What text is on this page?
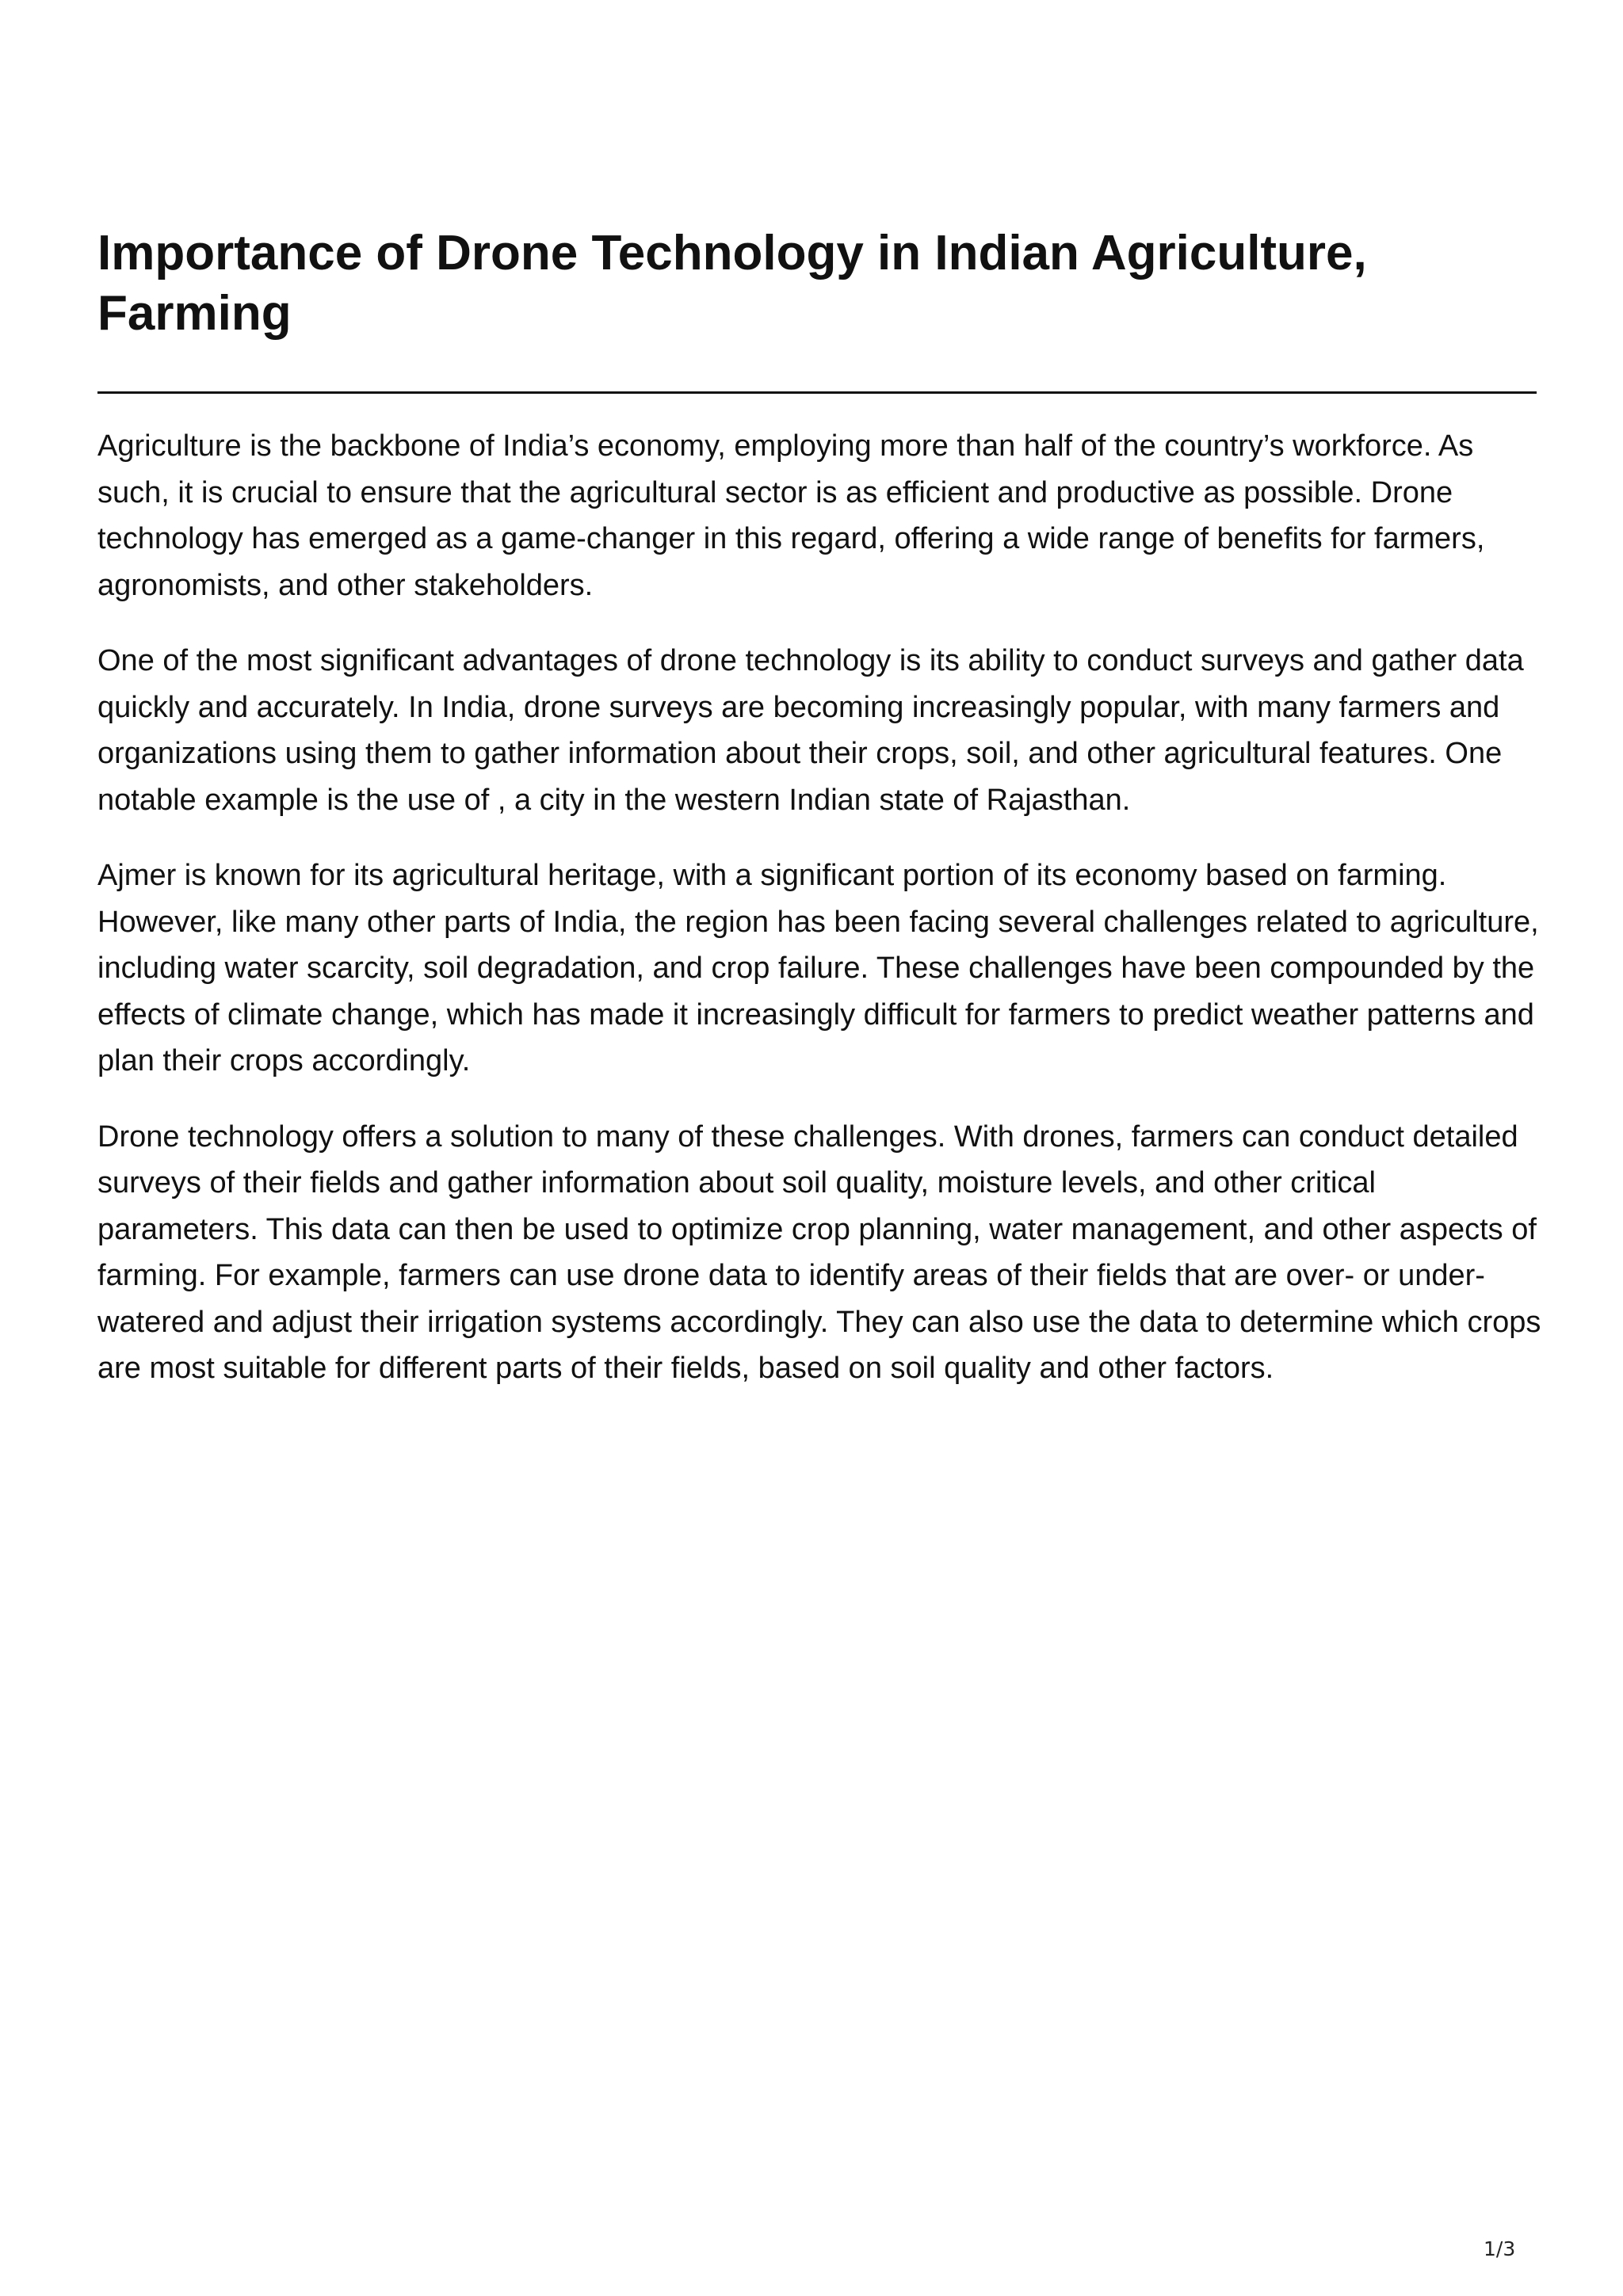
Importance of Drone Technology in Indian Agriculture, Farming

Agriculture is the backbone of India’s economy, employing more than half of the country’s workforce. As such, it is crucial to ensure that the agricultural sector is as efficient and productive as possible. Drone technology has emerged as a game-changer in this regard, offering a wide range of benefits for farmers, agronomists, and other stakeholders.

One of the most significant advantages of drone technology is its ability to conduct surveys and gather data quickly and accurately. In India, drone surveys are becoming increasingly popular, with many farmers and organizations using them to gather information about their crops, soil, and other agricultural features. One notable example is the use of , a city in the western Indian state of Rajasthan.

Ajmer is known for its agricultural heritage, with a significant portion of its economy based on farming. However, like many other parts of India, the region has been facing several challenges related to agriculture, including water scarcity, soil degradation, and crop failure. These challenges have been compounded by the effects of climate change, which has made it increasingly difficult for farmers to predict weather patterns and plan their crops accordingly.

Drone technology offers a solution to many of these challenges. With drones, farmers can conduct detailed surveys of their fields and gather information about soil quality, moisture levels, and other critical parameters. This data can then be used to optimize crop planning, water management, and other aspects of farming. For example, farmers can use drone data to identify areas of their fields that are over- or under-watered and adjust their irrigation systems accordingly. They can also use the data to determine which crops are most suitable for different parts of their fields, based on soil quality and other factors.

1/3
